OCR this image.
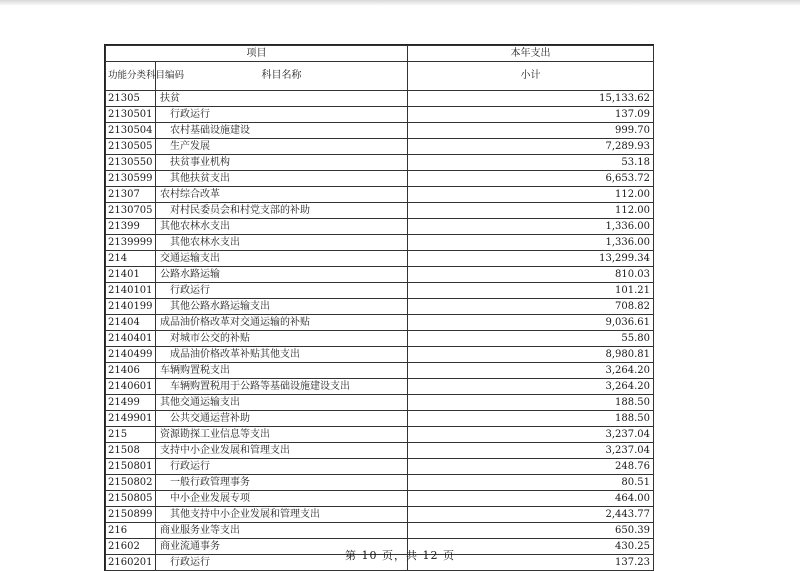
项目		本年支出
功能分类科目编码	科目名称	小计
21305	扶贫	15,133.62
2130501	行政运行	137.09
2130504	农村基础设施建设	999.70
2130505	生产发展	7,289.93
2130550	扶贫事业机构	53.18
2130599	其他扶贫支出	6,653.72
21307	农村综合改革	112.00
2130705	对村民委员会和村党支部的补助	112.00
21399	其他农林水支出	1,336.00
2139999	其他农林水支出	1,336.00
214	交通运输支出	13,299.34
21401	公路水路运输	810.03
2140101	行政运行	101.21
2140199	其他公路水路运输支出	708.82
21404	成品油价格改革对交通运输的补贴	9,036.61
2140401	对城市公交的补贴	55.80
2140499	成品油价格改革补贴其他支出	8,980.81
21406	车辆购置税支出	3,264.20
2140601	车辆购置税用于公路等基础设施建设支出	3,264.20
21499	其他交通运输支出	188.50
2149901	公共交通运营补助	188.50
215	资源勘探工业信息等支出	3,237.04
21508	支持中小企业发展和管理支出	3,237.04
2150801	行政运行	248.76
2150802	一般行政管理事务	80.51
2150805	中小企业发展专项	464.00
2150899	其他支持中小企业发展和管理支出	2,443.77
216	商业服务业等支出	650.39
21602	商业流通事务	430.25
2160201	行政运行	137.23
第 10 页，共 12 页
